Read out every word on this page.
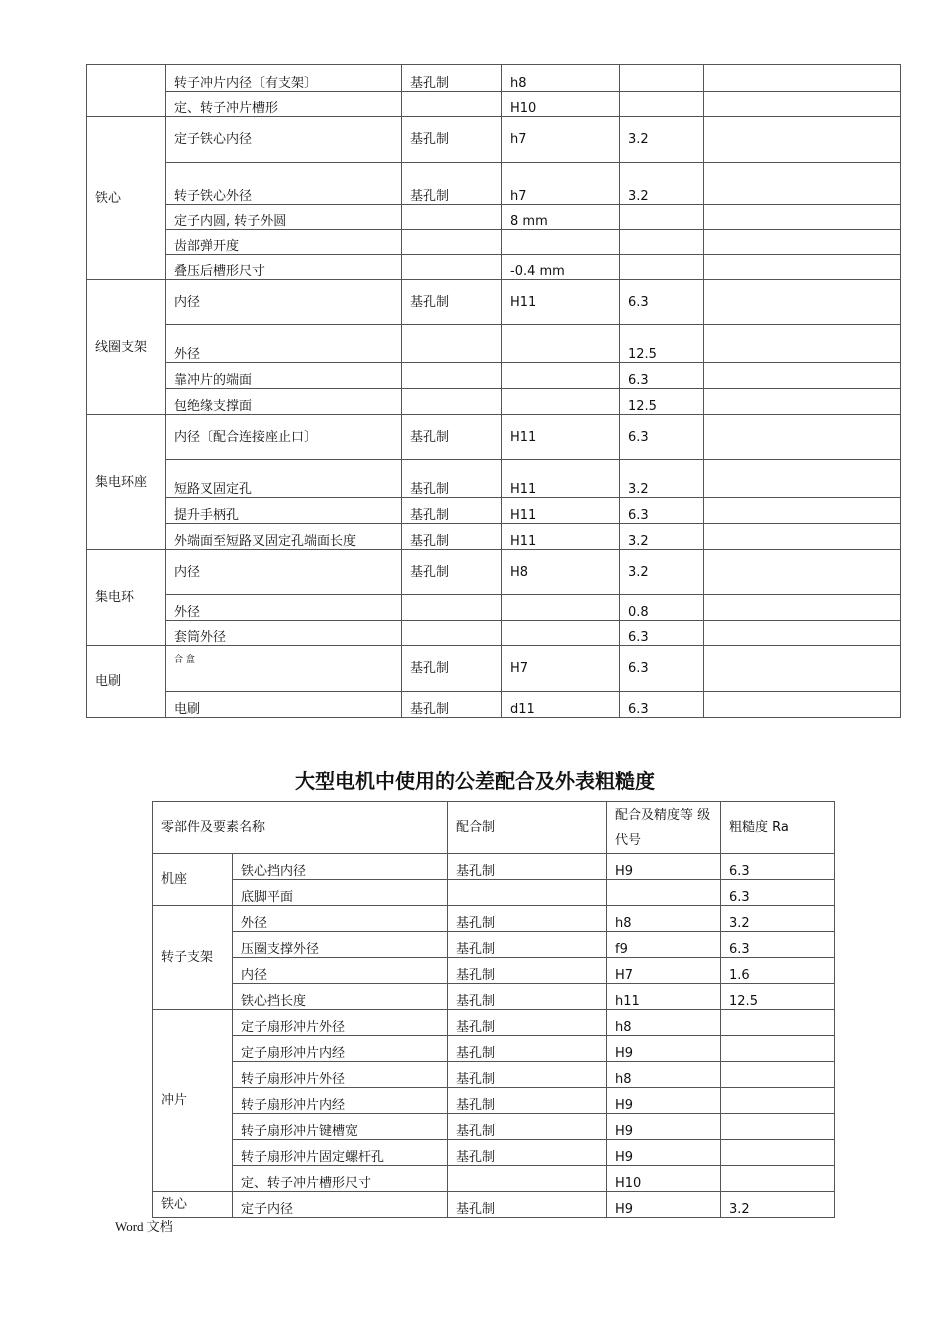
	转子冲片内径〔有支架〕	基孔制	h8		
	定、转子冲片槽形		H10		
铁心	定子铁心内径	基孔制	h7	3.2	
	转子铁心外径	基孔制	h7	3.2	
	定子内圆, 转子外圆		8 mm		
	齿部弹开度				
	叠压后槽形尺寸		-0.4 mm		
线圈支架	内径	基孔制	H11	6.3	
	外径			12.5	
	靠冲片的端面			6.3	
	包绝缘支撑面			12.5	
集电环座	内径〔配合连接座止口〕	基孔制	H11	6.3	
	短路叉固定孔	基孔制	H11	3.2	
	提升手柄孔	基孔制	H11	6.3	
	外端面至短路叉固定孔端面长度	基孔制	H11	3.2	
集电环	内径	基孔制	H8	3.2	
	外径			0.8	
	套筒外径			6.3	
电刷	合 盒	基孔制	H7	6.3	
	电刷	基孔制	d11	6.3	
大型电机中使用的公差配合及外表粗糙度
零部件及要素名称		配合制	配合及精度等 级代号	粗糙度 Ra
机座	铁心挡内径	基孔制	H9	6.3
	底脚平面			6.3
转子支架	外径	基孔制	h8	3.2
	压圈支撑外径	基孔制	f9	6.3
	内径	基孔制	H7	1.6
	铁心挡长度	基孔制	h11	12.5
冲片	定子扇形冲片外径	基孔制	h8	
	定子扇形冲片内经	基孔制	H9	
	转子扇形冲片外径	基孔制	h8	
	转子扇形冲片内经	基孔制	H9	
	转子扇形冲片键槽宽	基孔制	H9	
	转子扇形冲片固定螺杆孔	基孔制	H9	
	定、转子冲片槽形尺寸		H10	
铁心	定子内径	基孔制	H9	3.2
Word 文档
